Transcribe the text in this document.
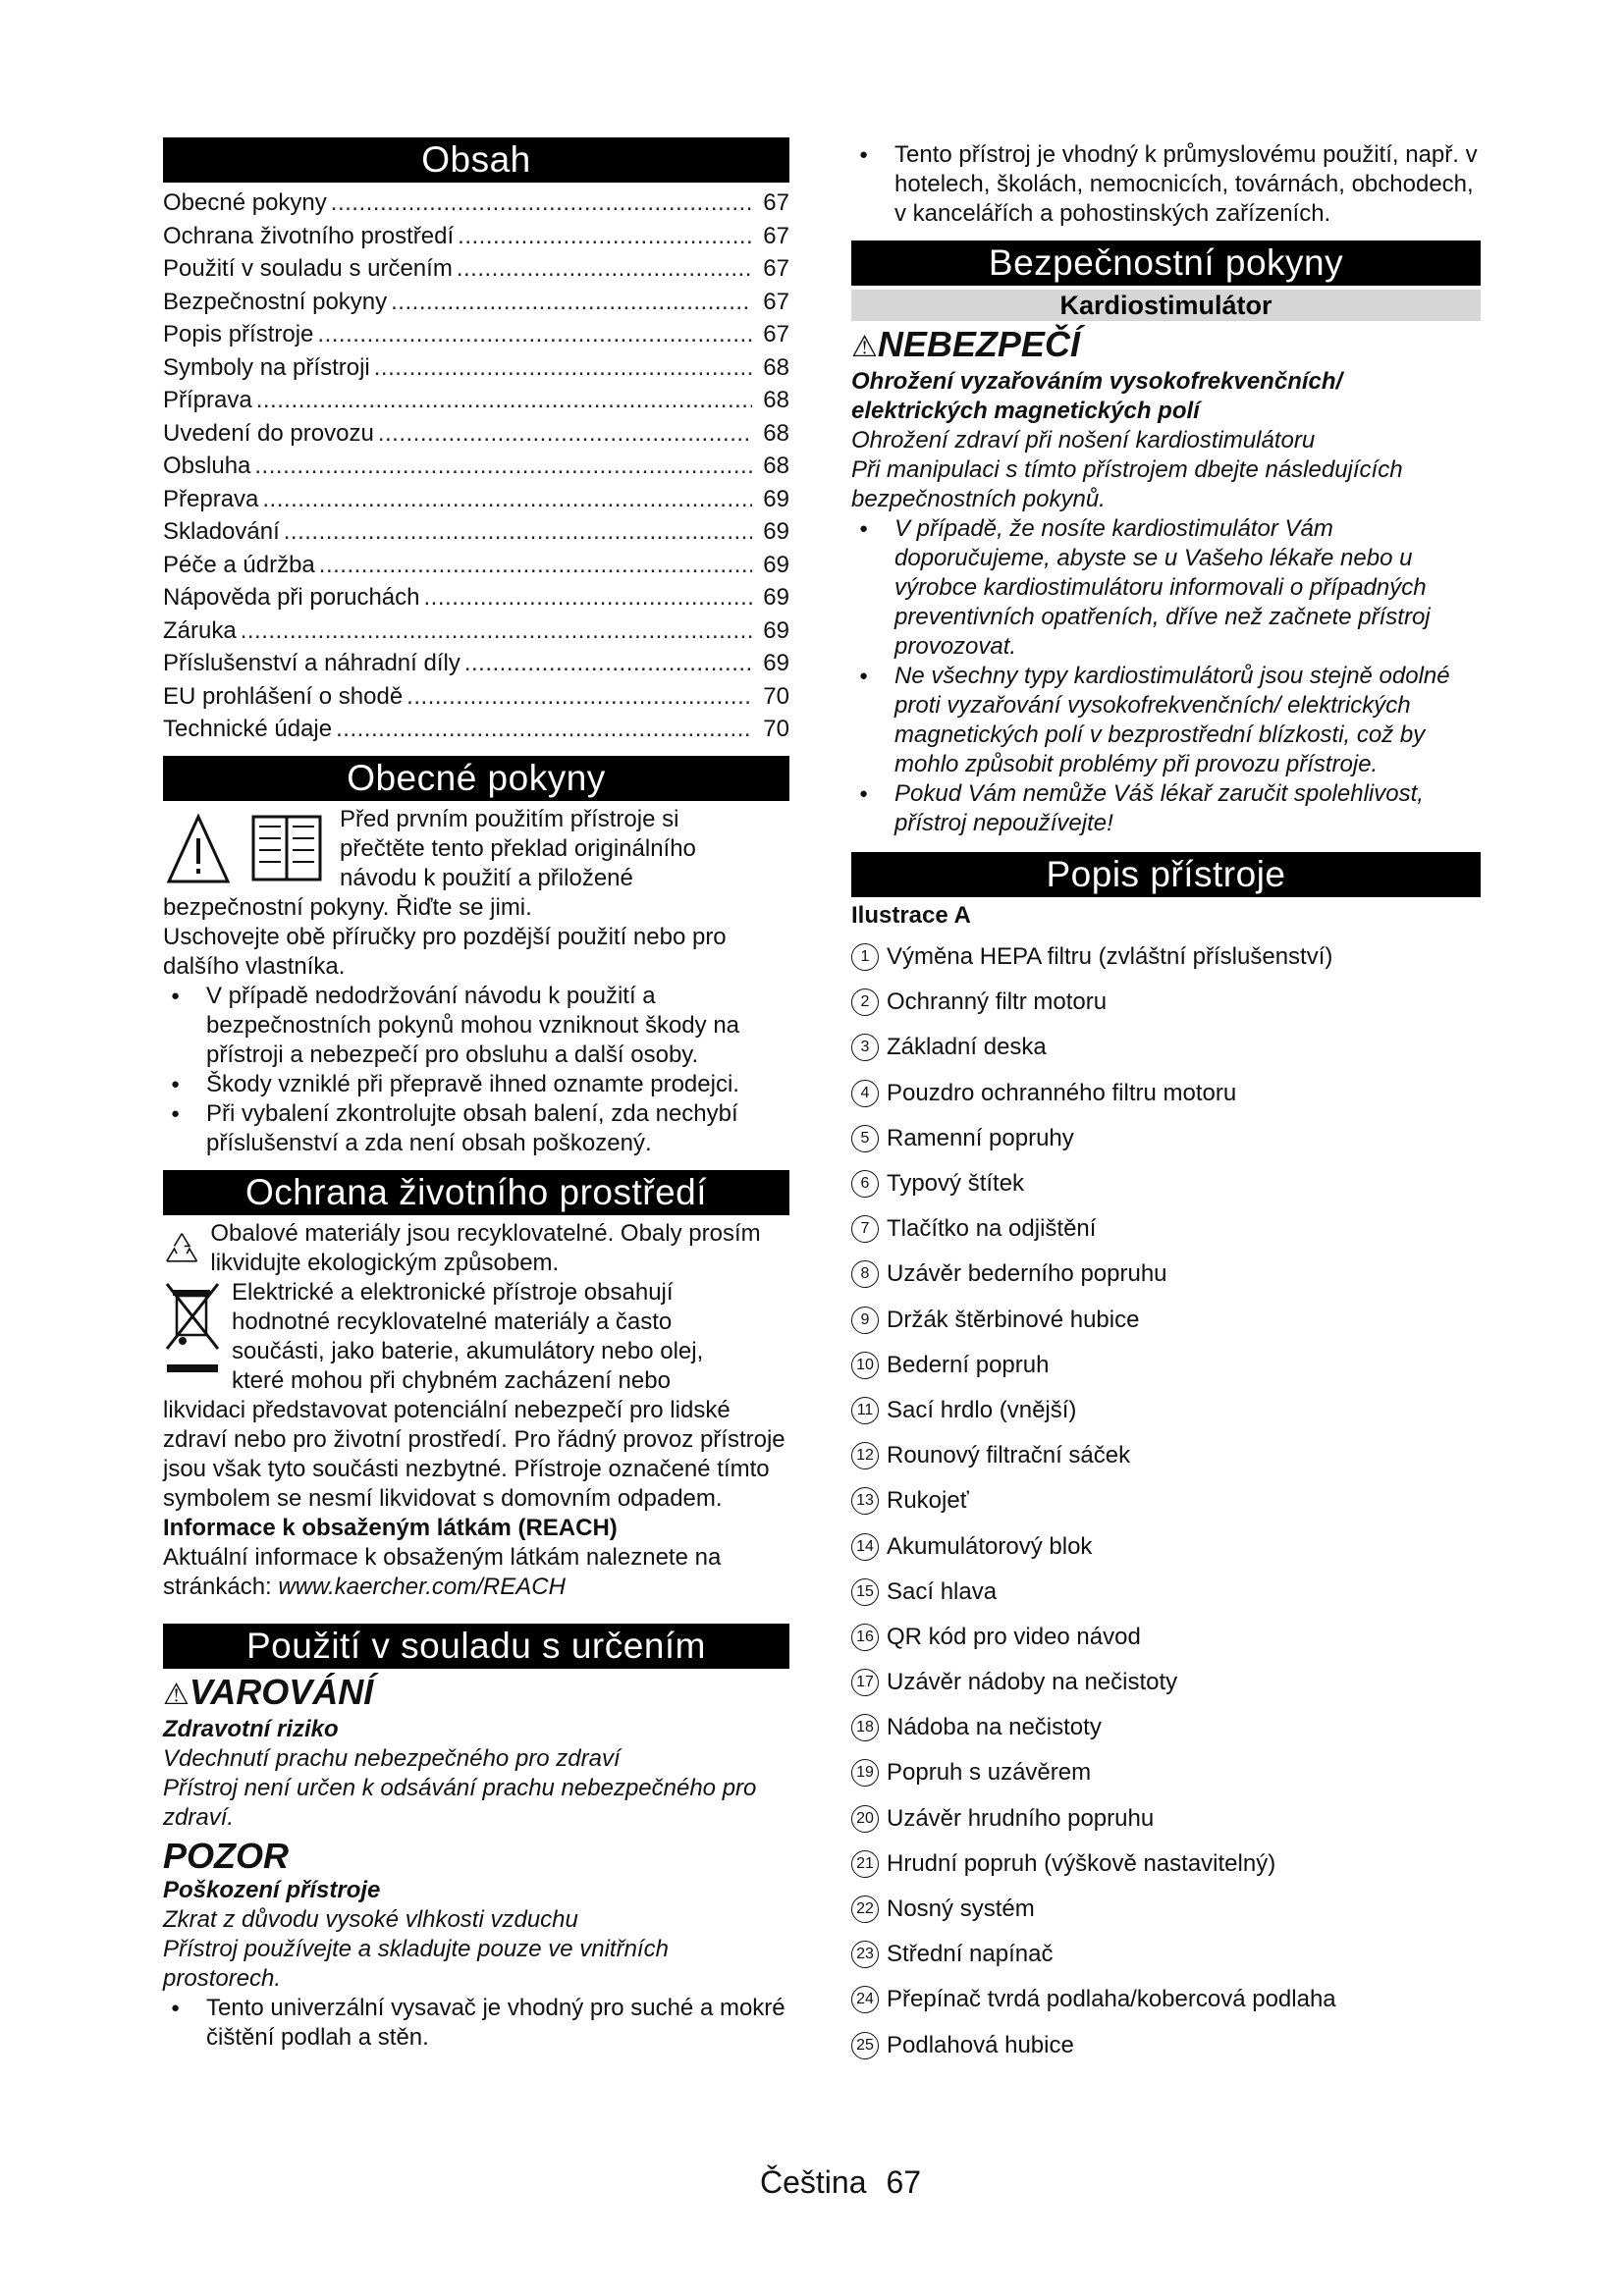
Obsah
Obecné pokyny .....	67
Ochrana životního prostředí .....	67
Použití v souladu s určením .....	67
Bezpečnostní pokyny .....	67
Popis přístroje .....	67
Symboly na přístroji .....	68
Příprava .....	68
Uvedení do provozu .....	68
Obsluha .....	68
Přeprava .....	69
Skladování .....	69
Péče a údržba .....	69
Nápověda při poruchách .....	69
Záruka .....	69
Příslušenství a náhradní díly .....	69
EU prohlášení o shodě .....	70
Technické údaje .....	70
Obecné pokyny

Před prvním použitím přístroje si

přečtěte tento překlad originálního

návodu k použití a přiložené

bezpečnostní pokyny. Řiďte se jimi.

Uschovejte obě příručky pro pozdější použití nebo pro dalšího vlastníka.

● V případě nedodržování návodu k použití a bezpečnostních pokynů mohou vzniknout škody na přístroji a nebezpečí pro obsluhu a další osoby.
● Škody vzniklé při přepravě ihned oznamte prodejci.
● Při vybalení zkontrolujte obsah balení, zda nechybí příslušenství a zda není obsah poškozený.
Ochrana životního prostředí

Obalové materiály jsou recyklovatelné. Obaly prosím likvidujte ekologickým způsobem.

Elektrické a elektronické přístroje obsahují

hodnotné recyklovatelné materiály a často

součásti, jako baterie, akumulátory nebo olej,

které mohou při chybném zacházení nebo

likvidaci představovat potenciální nebezpečí pro lidské zdraví nebo pro životní prostředí. Pro řádný provoz přístroje jsou však tyto součásti nezbytné. Přístroje označené tímto symbolem se nesmí likvidovat s domovním odpadem.

Informace k obsaženým látkám (REACH)

Aktuální informace k obsaženým látkám naleznete na stránkách: www.kaercher.com/REACH

Použití v souladu s určením
⚠VAROVÁNÍ

Zdravotní riziko

Vdechnutí prachu nebezpečného pro zdraví

Přístroj není určen k odsávání prachu nebezpečného pro zdraví.

POZOR

Poškození přístroje

Zkrat z důvodu vysoké vlhkosti vzduchu

Přístroj používejte a skladujte pouze ve vnitřních prostorech.

● Tento univerzální vysavač je vhodný pro suché a mokré čištění podlah a stěn.
● Tento přístroj je vhodný k průmyslovému použití, např. v hotelech, školách, nemocnicích, továrnách, obchodech, v kancelářích a pohostinských zařízeních.
Bezpečnostní pokyny
Kardiostimulátor
⚠NEBEZPEČÍ

Ohrožení vyzařováním vysokofrekvenčních/ elektrických magnetických polí

Ohrožení zdraví při nošení kardiostimulátoru

Při manipulaci s tímto přístrojem dbejte následujících bezpečnostních pokynů.

● V případě, že nosíte kardiostimulátor Vám doporučujeme, abyste se u Vašeho lékaře nebo u výrobce kardiostimulátoru informovali o případných preventivních opatřeních, dříve než začnete přístroj provozovat.
● Ne všechny typy kardiostimulátorů jsou stejně odolné proti vyzařování vysokofrekvenčních/ elektrických magnetických polí v bezprostřední blízkosti, což by mohlo způsobit problémy při provozu přístroje.
● Pokud Vám nemůže Váš lékař zaručit spolehlivost, přístroj nepoužívejte!
Popis přístroje

Ilustrace A

1 Výměna HEPA filtru (zvláštní příslušenství)
2 Ochranný filtr motoru
3 Základní deska
4 Pouzdro ochranného filtru motoru
5 Ramenní popruhy
6 Typový štítek
7 Tlačítko na odjištění
8 Uzávěr bederního popruhu
9 Držák štěrbinové hubice
10 Bederní popruh
11 Sací hrdlo (vnější)
12 Rounový filtrační sáček
13 Rukojeť
14 Akumulátorový blok
15 Sací hlava
16 QR kód pro video návod
17 Uzávěr nádoby na nečistoty
18 Nádoba na nečistoty
19 Popruh s uzávěrem
20 Uzávěr hrudního popruhu
21 Hrudní popruh (výškově nastavitelný)
22 Nosný systém
23 Střední napínač
24 Přepínač tvrdá podlaha/kobercová podlaha
25 Podlahová hubice
Čeština 67
